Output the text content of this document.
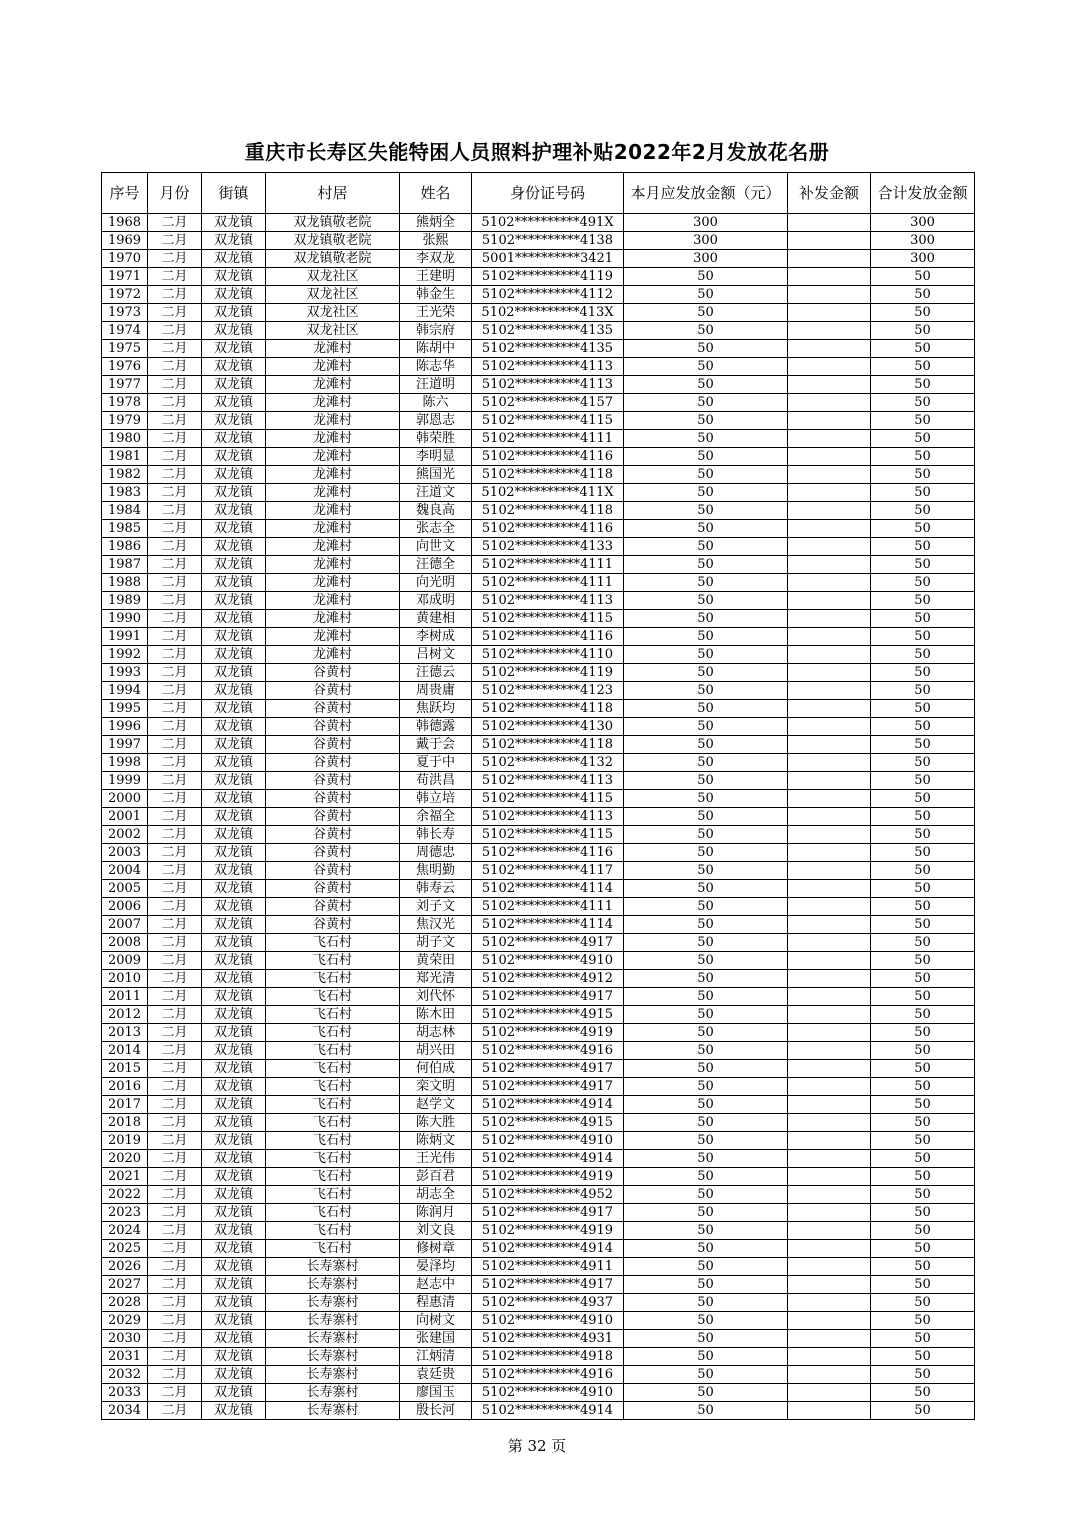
重庆市长寿区失能特困人员照料护理补贴2022年2月发放花名册
序号	月份	街镇	村居	姓名	身份证号码	本月应发放金额（元）	补发金额	合计发放金额
1968	二月	双龙镇	双龙镇敬老院	熊炳全	5102**********491X	300		300
1969	二月	双龙镇	双龙镇敬老院	张熙	5102**********4138	300		300
1970	二月	双龙镇	双龙镇敬老院	李双龙	5001**********3421	300		300
1971	二月	双龙镇	双龙社区	王建明	5102**********4119	50		50
1972	二月	双龙镇	双龙社区	韩金生	5102**********4112	50		50
1973	二月	双龙镇	双龙社区	王光荣	5102**********413X	50		50
1974	二月	双龙镇	双龙社区	韩宗府	5102**********4135	50		50
1975	二月	双龙镇	龙滩村	陈胡中	5102**********4135	50		50
1976	二月	双龙镇	龙滩村	陈志华	5102**********4113	50		50
1977	二月	双龙镇	龙滩村	汪道明	5102**********4113	50		50
1978	二月	双龙镇	龙滩村	陈六	5102**********4157	50		50
1979	二月	双龙镇	龙滩村	郭恩志	5102**********4115	50		50
1980	二月	双龙镇	龙滩村	韩荣胜	5102**********4111	50		50
1981	二月	双龙镇	龙滩村	李明显	5102**********4116	50		50
1982	二月	双龙镇	龙滩村	熊国光	5102**********4118	50		50
1983	二月	双龙镇	龙滩村	汪道文	5102**********411X	50		50
1984	二月	双龙镇	龙滩村	魏良高	5102**********4118	50		50
1985	二月	双龙镇	龙滩村	张志全	5102**********4116	50		50
1986	二月	双龙镇	龙滩村	向世文	5102**********4133	50		50
1987	二月	双龙镇	龙滩村	汪德全	5102**********4111	50		50
1988	二月	双龙镇	龙滩村	向光明	5102**********4111	50		50
1989	二月	双龙镇	龙滩村	邓成明	5102**********4113	50		50
1990	二月	双龙镇	龙滩村	黄建相	5102**********4115	50		50
1991	二月	双龙镇	龙滩村	李树成	5102**********4116	50		50
1992	二月	双龙镇	龙滩村	吕树文	5102**********4110	50		50
1993	二月	双龙镇	谷黄村	汪德云	5102**********4119	50		50
1994	二月	双龙镇	谷黄村	周贵庸	5102**********4123	50		50
1995	二月	双龙镇	谷黄村	焦跃均	5102**********4118	50		50
1996	二月	双龙镇	谷黄村	韩德露	5102**********4130	50		50
1997	二月	双龙镇	谷黄村	戴于会	5102**********4118	50		50
1998	二月	双龙镇	谷黄村	夏于中	5102**********4132	50		50
1999	二月	双龙镇	谷黄村	苟洪昌	5102**********4113	50		50
2000	二月	双龙镇	谷黄村	韩立培	5102**********4115	50		50
2001	二月	双龙镇	谷黄村	余福全	5102**********4113	50		50
2002	二月	双龙镇	谷黄村	韩长寿	5102**********4115	50		50
2003	二月	双龙镇	谷黄村	周德忠	5102**********4116	50		50
2004	二月	双龙镇	谷黄村	焦明勤	5102**********4117	50		50
2005	二月	双龙镇	谷黄村	韩寿云	5102**********4114	50		50
2006	二月	双龙镇	谷黄村	刘子文	5102**********4111	50		50
2007	二月	双龙镇	谷黄村	焦汉光	5102**********4114	50		50
2008	二月	双龙镇	飞石村	胡子文	5102**********4917	50		50
2009	二月	双龙镇	飞石村	黄荣田	5102**********4910	50		50
2010	二月	双龙镇	飞石村	郑光清	5102**********4912	50		50
2011	二月	双龙镇	飞石村	刘代怀	5102**********4917	50		50
2012	二月	双龙镇	飞石村	陈木田	5102**********4915	50		50
2013	二月	双龙镇	飞石村	胡志林	5102**********4919	50		50
2014	二月	双龙镇	飞石村	胡兴田	5102**********4916	50		50
2015	二月	双龙镇	飞石村	何伯成	5102**********4917	50		50
2016	二月	双龙镇	飞石村	栾文明	5102**********4917	50		50
2017	二月	双龙镇	飞石村	赵学文	5102**********4914	50		50
2018	二月	双龙镇	飞石村	陈大胜	5102**********4915	50		50
2019	二月	双龙镇	飞石村	陈炳文	5102**********4910	50		50
2020	二月	双龙镇	飞石村	王光伟	5102**********4914	50		50
2021	二月	双龙镇	飞石村	彭百君	5102**********4919	50		50
2022	二月	双龙镇	飞石村	胡志全	5102**********4952	50		50
2023	二月	双龙镇	飞石村	陈润月	5102**********4917	50		50
2024	二月	双龙镇	飞石村	刘文良	5102**********4919	50		50
2025	二月	双龙镇	飞石村	修树章	5102**********4914	50		50
2026	二月	双龙镇	长寿寨村	晏泽均	5102**********4911	50		50
2027	二月	双龙镇	长寿寨村	赵志中	5102**********4917	50		50
2028	二月	双龙镇	长寿寨村	程惠清	5102**********4937	50		50
2029	二月	双龙镇	长寿寨村	向树文	5102**********4910	50		50
2030	二月	双龙镇	长寿寨村	张建国	5102**********4931	50		50
2031	二月	双龙镇	长寿寨村	江炳清	5102**********4918	50		50
2032	二月	双龙镇	长寿寨村	袁廷贵	5102**********4916	50		50
2033	二月	双龙镇	长寿寨村	廖国玉	5102**********4910	50		50
2034	二月	双龙镇	长寿寨村	殷长河	5102**********4914	50		50
第 32 页
